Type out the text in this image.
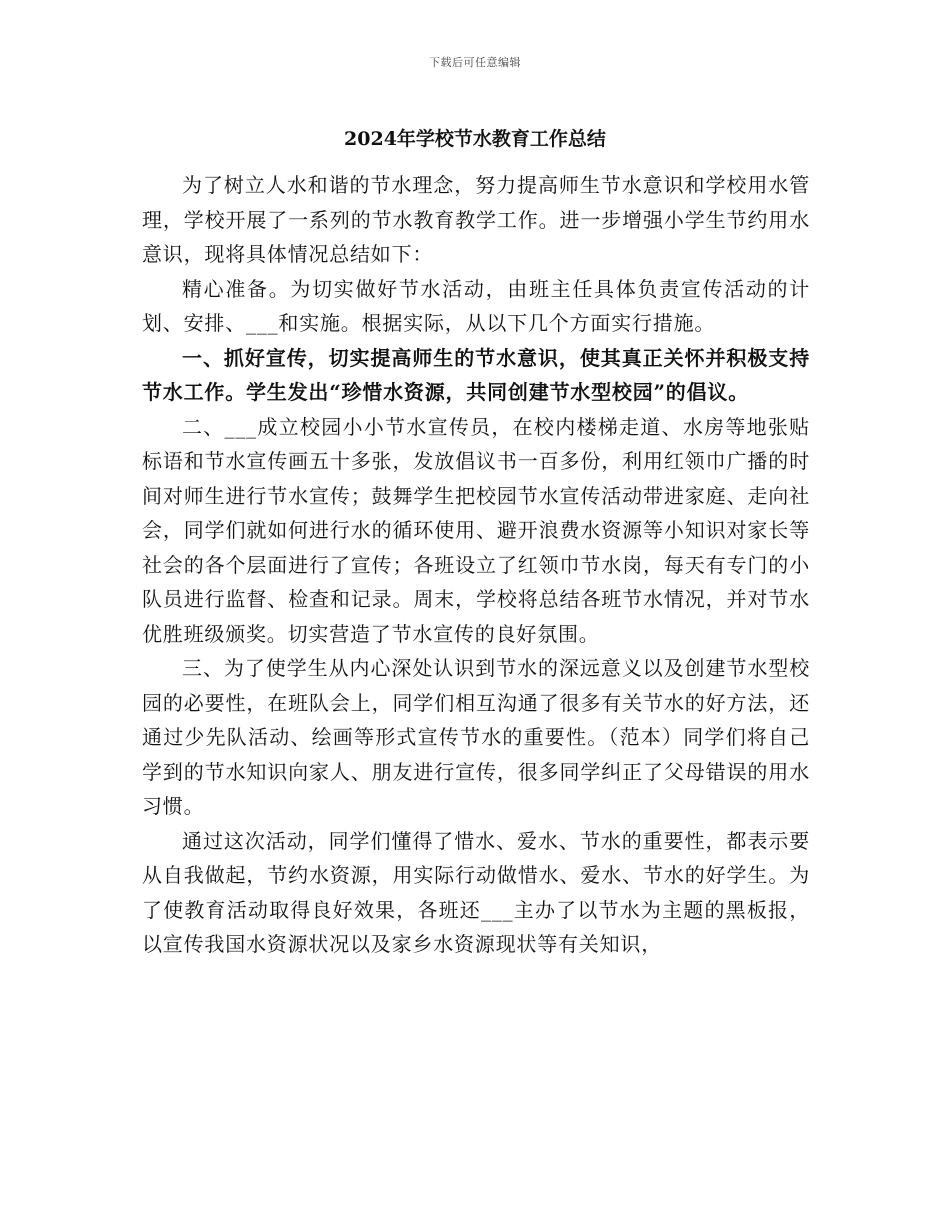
下载后可任意编辑
2024年学校节水教育工作总结

为了树立人水和谐的节水理念，努力提高师生节水意识和学校用水管理，学校开展了一系列的节水教育教学工作。进一步增强小学生节约用水意识，现将具体情况总结如下：

精心准备。为切实做好节水活动，由班主任具体负责宣传活动的计划、安排、___和实施。根据实际，从以下几个方面实行措施。

一、抓好宣传，切实提高师生的节水意识，使其真正关怀并积极支持节水工作。学生发出“珍惜水资源，共同创建节水型校园”的倡议。

二、___成立校园小小节水宣传员，在校内楼梯走道、水房等地张贴标语和节水宣传画五十多张，发放倡议书一百多份，利用红领巾广播的时间对师生进行节水宣传；鼓舞学生把校园节水宣传活动带进家庭、走向社会，同学们就如何进行水的循环使用、避开浪费水资源等小知识对家长等社会的各个层面进行了宣传；各班设立了红领巾节水岗，每天有专门的小队员进行监督、检查和记录。周末，学校将总结各班节水情况，并对节水优胜班级颁奖。切实营造了节水宣传的良好氛围。

三、为了使学生从内心深处认识到节水的深远意义以及创建节水型校园的必要性，在班队会上，同学们相互沟通了很多有关节水的好方法，还通过少先队活动、绘画等形式宣传节水的重要性。（范本）同学们将自己学到的节水知识向家人、朋友进行宣传，很多同学纠正了父母错误的用水习惯。

通过这次活动，同学们懂得了惜水、爱水、节水的重要性，都表示要从自我做起，节约水资源，用实际行动做惜水、爱水、节水的好学生。为了使教育活动取得良好效果，各班还___主办了以节水为主题的黑板报，以宣传我国水资源状况以及家乡水资源现状等有关知识，
